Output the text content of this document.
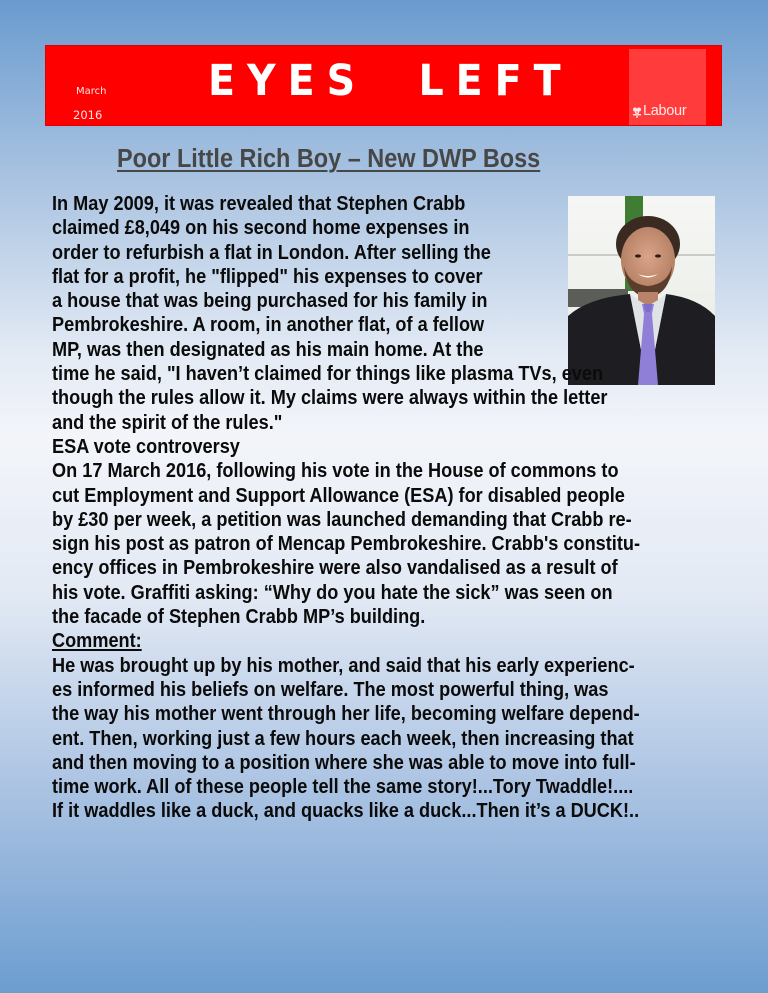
March
2016
EYES  LEFT
Labour
Poor Little Rich Boy – New DWP Boss
In May 2009, it was revealed that Stephen Crabb
claimed £8,049 on his second home expenses in
order to refurbish a flat in London. After selling the
flat for a profit, he "flipped" his expenses to cover
a house that was being purchased for his family in
Pembrokeshire. A room, in another flat, of a fellow
MP, was then designated as his main home. At the
time he said, "I haven’t claimed for things like plasma TVs, even
though the rules allow it. My claims were always within the letter
and the spirit of the rules."
ESA vote controversy
On 17 March 2016, following his vote in the House of commons to
cut Employment and Support Allowance (ESA) for disabled people
by £30 per week, a petition was launched demanding that Crabb re-
sign his post as patron of Mencap Pembrokeshire. Crabb's constitu-
ency offices in Pembrokeshire were also vandalised as a result of
his vote. Graffiti asking: “Why do you hate the sick” was seen on
the facade of Stephen Crabb MP’s building.
Comment:
He was brought up by his mother, and said that his early experienc-
es informed his beliefs on welfare. The most powerful thing, was
the way his mother went through her life, becoming welfare depend-
ent. Then, working just a few hours each week, then increasing that
and then moving to a position where she was able to move into full-
time work. All of these people tell the same story!...Tory Twaddle!....
If it waddles like a duck, and quacks like a duck...Then it’s a DUCK!..
